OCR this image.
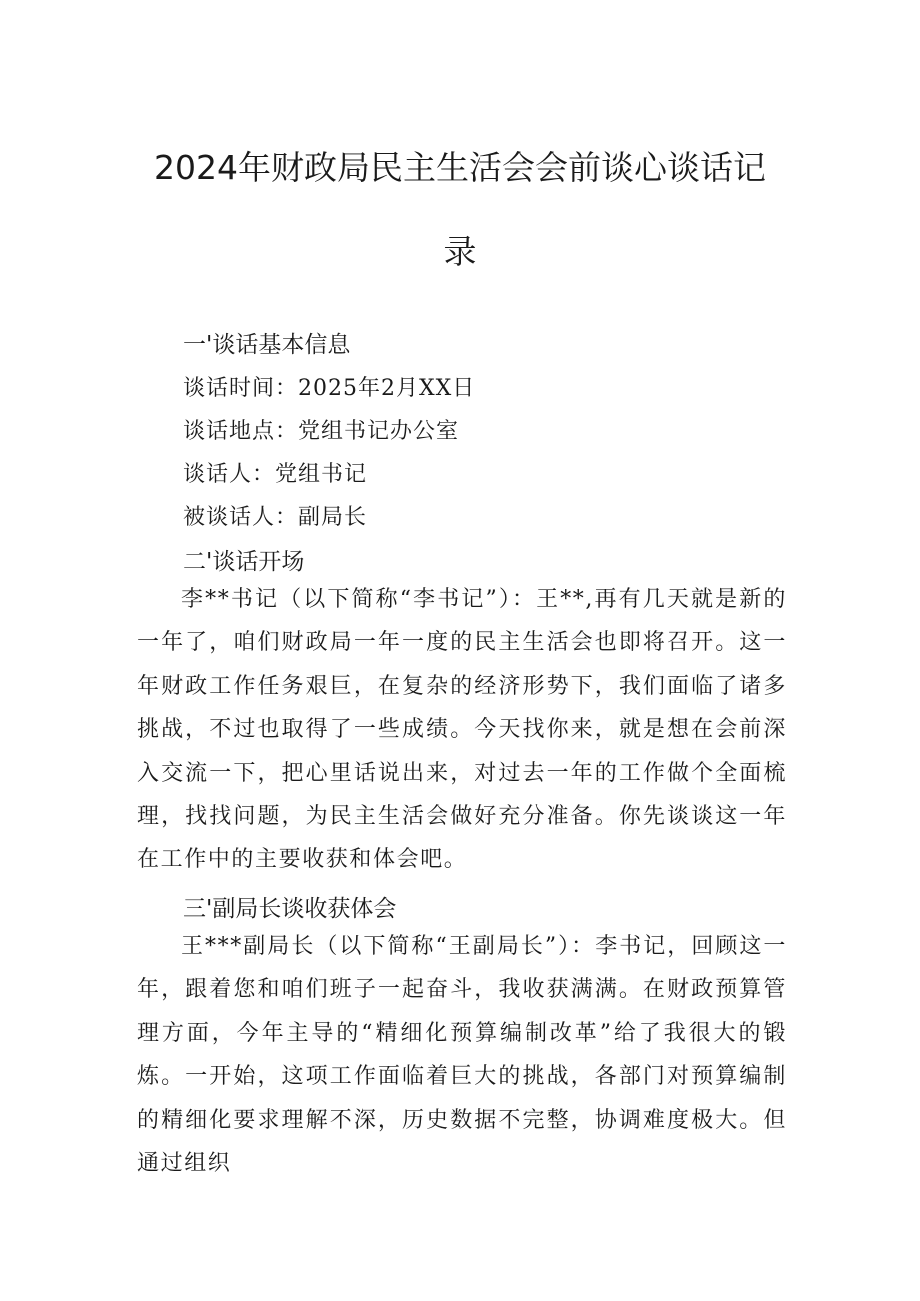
2024年财政局民主生活会会前谈心谈话记
录
一'谈话基本信息
谈话时间：2025年2月XX日
谈话地点：党组书记办公室
谈话人：党组书记
被谈话人：副局长
二'谈话开场
李**书记（以下简称“李书记”）：王**,再有几天就是新的一年了，咱们财政局一年一度的民主生活会也即将召开。这一年财政工作任务艰巨，在复杂的经济形势下，我们面临了诸多挑战，不过也取得了一些成绩。今天找你来，就是想在会前深入交流一下，把心里话说出来，对过去一年的工作做个全面梳理，找找问题，为民主生活会做好充分准备。你先谈谈这一年在工作中的主要收获和体会吧。
三'副局长谈收获体会
王***副局长（以下简称“王副局长”）：李书记，回顾这一年，跟着您和咱们班子一起奋斗，我收获满满。在财政预算管理方面，今年主导的“精细化预算编制改革”给了我很大的锻炼。一开始，这项工作面临着巨大的挑战，各部门对预算编制的精细化要求理解不深，历史数据不完整，协调难度极大。但通过组织
